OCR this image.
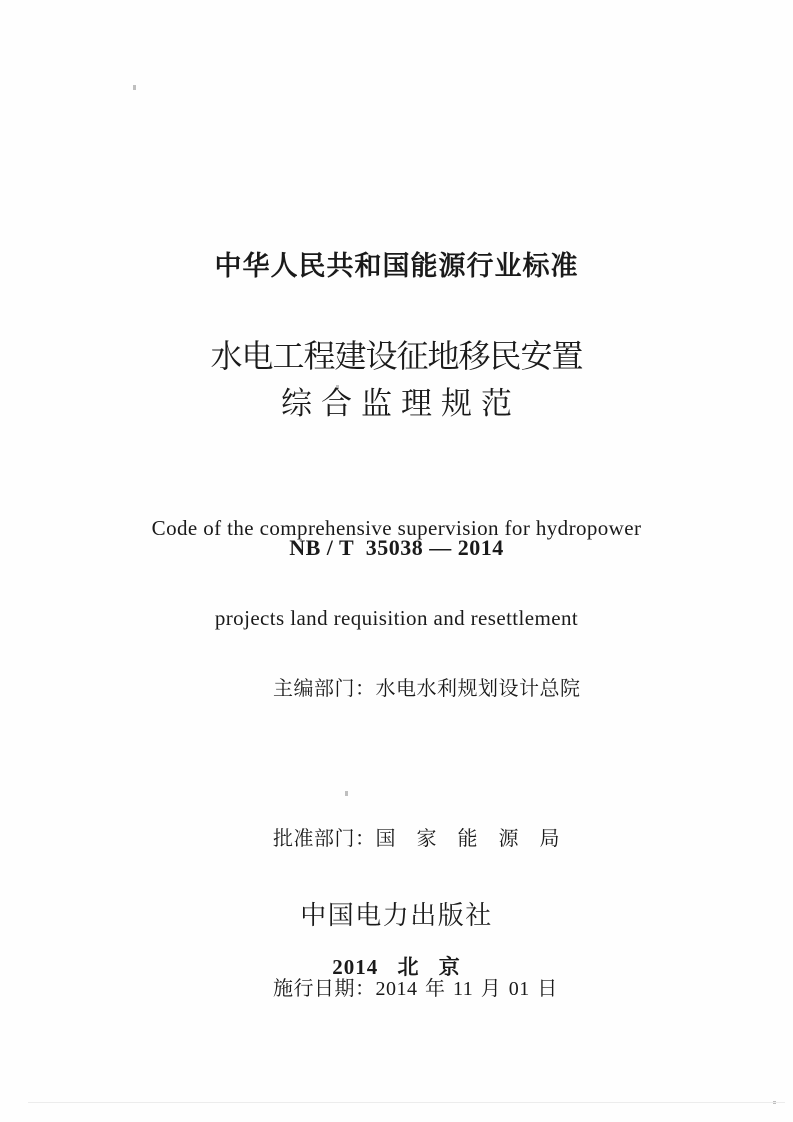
中华人民共和国能源行业标准
水电工程建设征地移民安置
综合监理规范

Code of the comprehensive supervision for hydropower

projects land requisition and resettlement

NB / T  35038 — 2014

主编部门：水电水利规划设计总院

批准部门：国 家 能 源 局

施行日期：2014 年 11 月 01 日

中国电力出版社
2014 北 京
